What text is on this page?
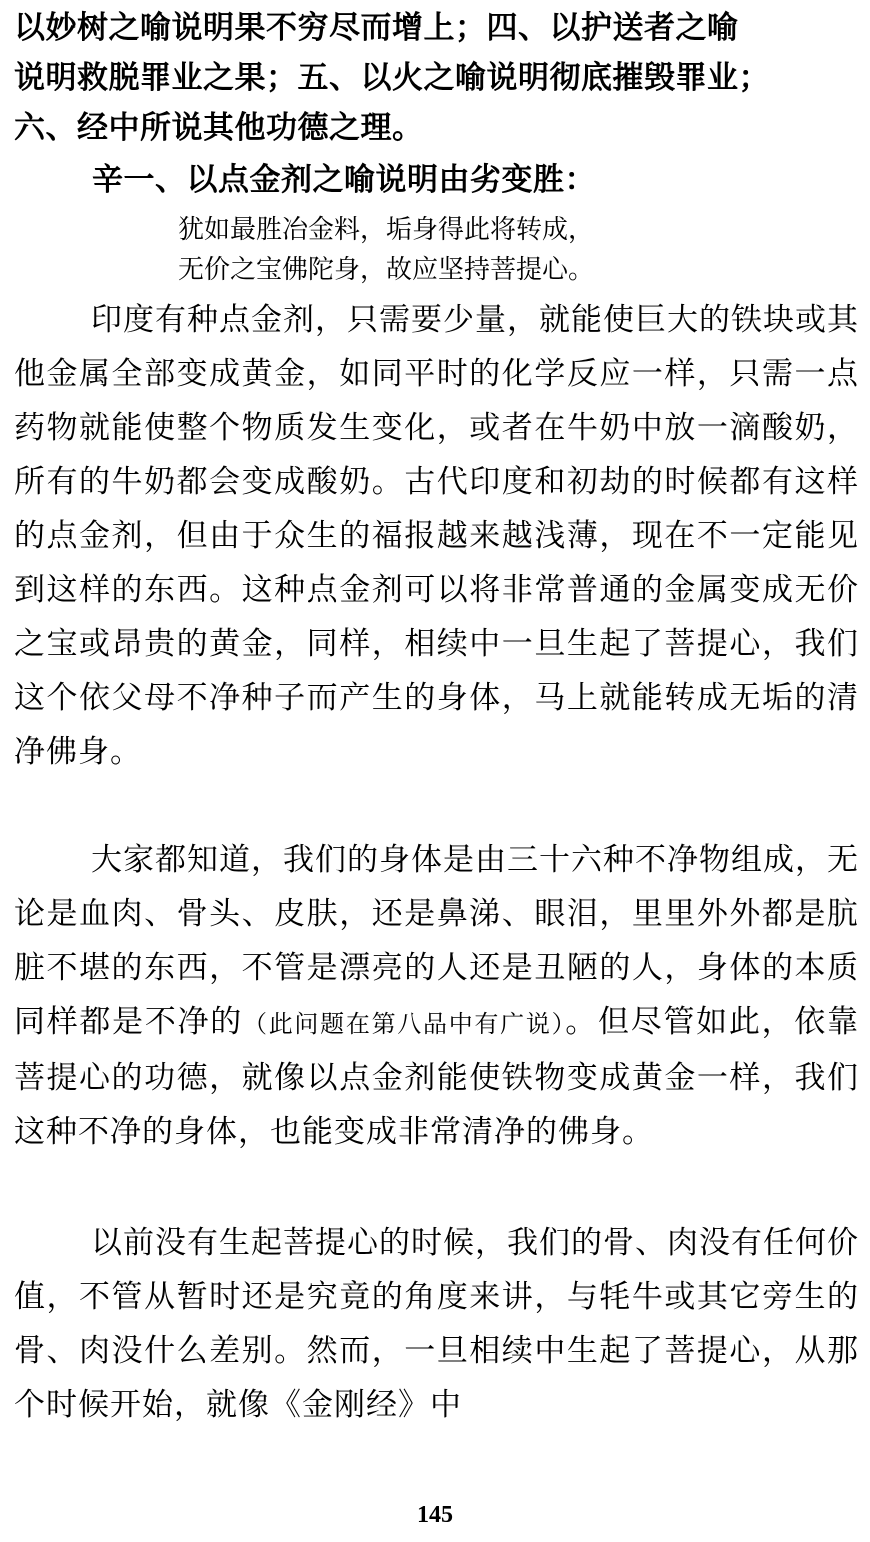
以妙树之喻说明果不穷尽而增上；四、以护送者之喻
说明救脱罪业之果；五、以火之喻说明彻底摧毁罪业；
六、经中所说其他功德之理。
辛一、以点金剂之喻说明由劣变胜：
犹如最胜冶金料，垢身得此将转成，
无价之宝佛陀身，故应坚持菩提心。
印度有种点金剂，只需要少量，就能使巨大的铁块或其他金属全部变成黄金，如同平时的化学反应一样，只需一点药物就能使整个物质发生变化，或者在牛奶中放一滴酸奶，所有的牛奶都会变成酸奶。古代印度和初劫的时候都有这样的点金剂，但由于众生的福报越来越浅薄，现在不一定能见到这样的东西。这种点金剂可以将非常普通的金属变成无价之宝或昂贵的黄金，同样，相续中一旦生起了菩提心，我们这个依父母不净种子而产生的身体，马上就能转成无垢的清净佛身。
大家都知道，我们的身体是由三十六种不净物组成，无论是血肉、骨头、皮肤，还是鼻涕、眼泪，里里外外都是肮脏不堪的东西，不管是漂亮的人还是丑陋的人，身体的本质同样都是不净的（此问题在第八品中有广说）。但尽管如此，依靠菩提心的功德，就像以点金剂能使铁物变成黄金一样，我们这种不净的身体，也能变成非常清净的佛身。
以前没有生起菩提心的时候，我们的骨、肉没有任何价值，不管从暂时还是究竟的角度来讲，与牦牛或其它旁生的骨、肉没什么差别。然而，一旦相续中生起了菩提心，从那个时候开始，就像《金刚经》中
145
